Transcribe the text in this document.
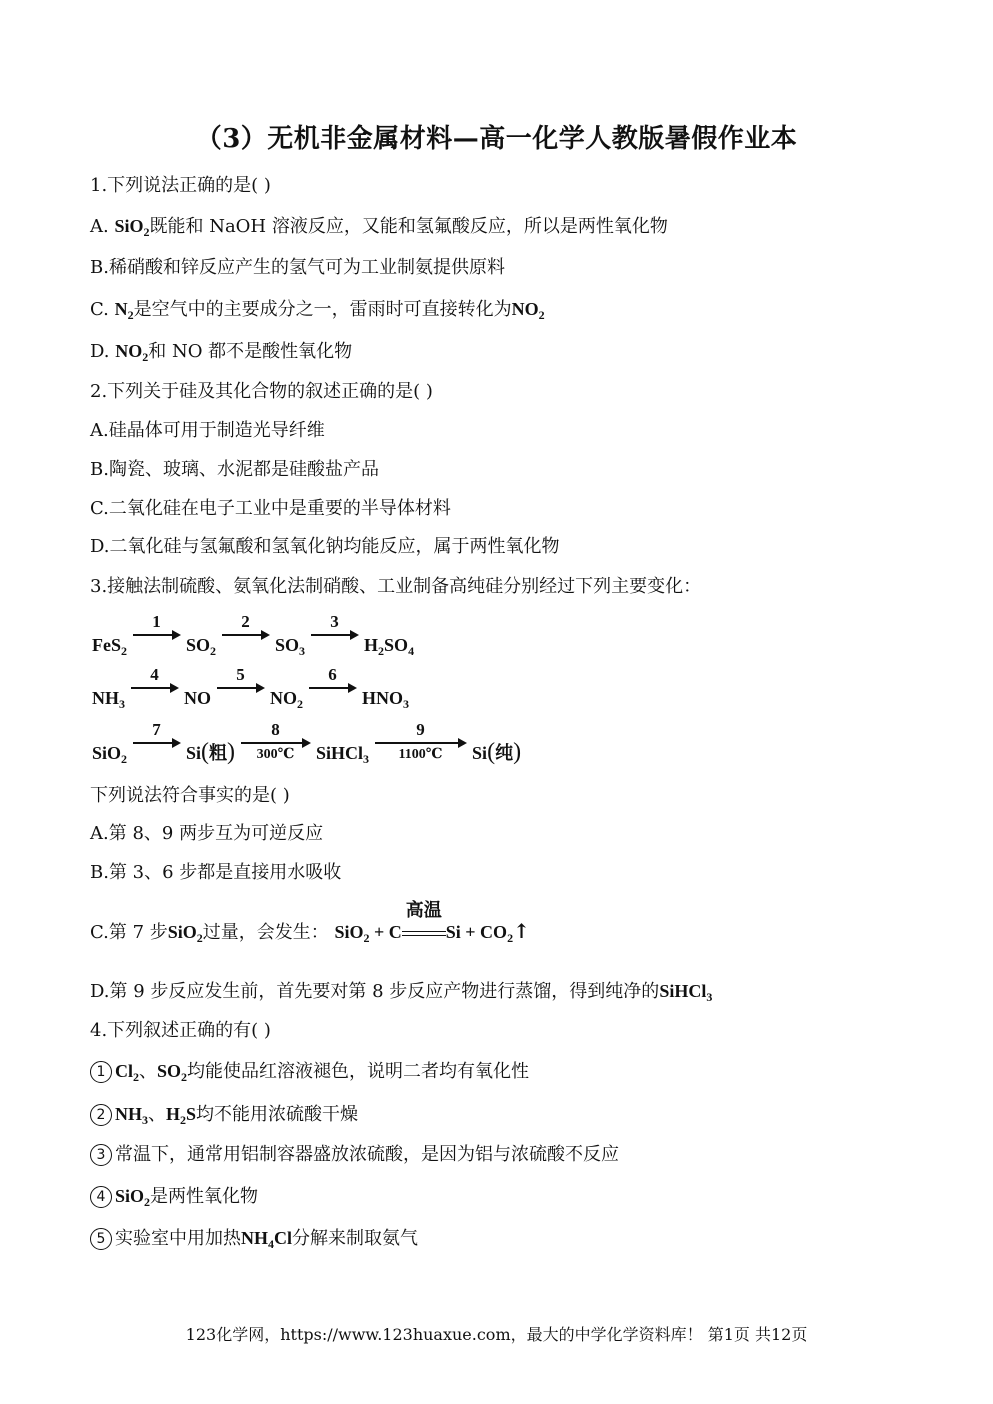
（3）无机非金属材料—高一化学人教版暑假作业本
1.下列说法正确的是( )
A. SiO$_2$既能和 NaOH 溶液反应，又能和氢氟酸反应，所以是两性氧化物
B.稀硝酸和锌反应产生的氢气可为工业制氨提供原料
C. $N_2$是空气中的主要成分之一，雷雨时可直接转化为$NO_2$
D. $NO_2$和 NO 都不是酸性氧化物
2.下列关于硅及其化合物的叙述正确的是( )
A.硅晶体可用于制造光导纤维
B.陶瓷、玻璃、水泥都是硅酸盐产品
C.二氧化硅在电子工业中是重要的半导体材料
D.二氧化硅与氢氟酸和氢氧化钠均能反应，属于两性氧化物
3.接触法制硫酸、氨氧化法制硝酸、工业制备高纯硅分别经过下列主要变化：
FeS$_2$
1
$SO_2$
2
$SO_3$
3
$H_2SO_4$
$NH_3$
4
NO
5
$NO_2$
6
$HNO_3$
SiO$_2$
7
Si(粗)
8
300℃	SiHCl$_3$
9
1100℃	Si(纯)
下列说法符合事实的是( )
A.第 8、9 两步互为可逆反应
B.第 3、6 步都是直接用水吸收
C.第 7 步SiO$_2$过量，会发生： SiO$_2$ + C
高温
$Si + CO_2↑$
D.第 9 步反应发生前，首先要对第 8 步反应产物进行蒸馏，得到纯净的SiHCl$_3$
4.下列叙述正确的有( )
1 $Cl_2$、$SO_2$均能使品红溶液褪色，说明二者均有氧化性
2 $NH_3$、$H_2S$均不能用浓硫酸干燥
3 常温下，通常用铝制容器盛放浓硫酸，是因为铝与浓硫酸不反应
4 SiO$_2$是两性氧化物
5 实验室中用加热$NH_4Cl$分解来制取氨气
123化学网，https://www.123huaxue.com，最大的中学化学资料库！ 第1页 共12页
